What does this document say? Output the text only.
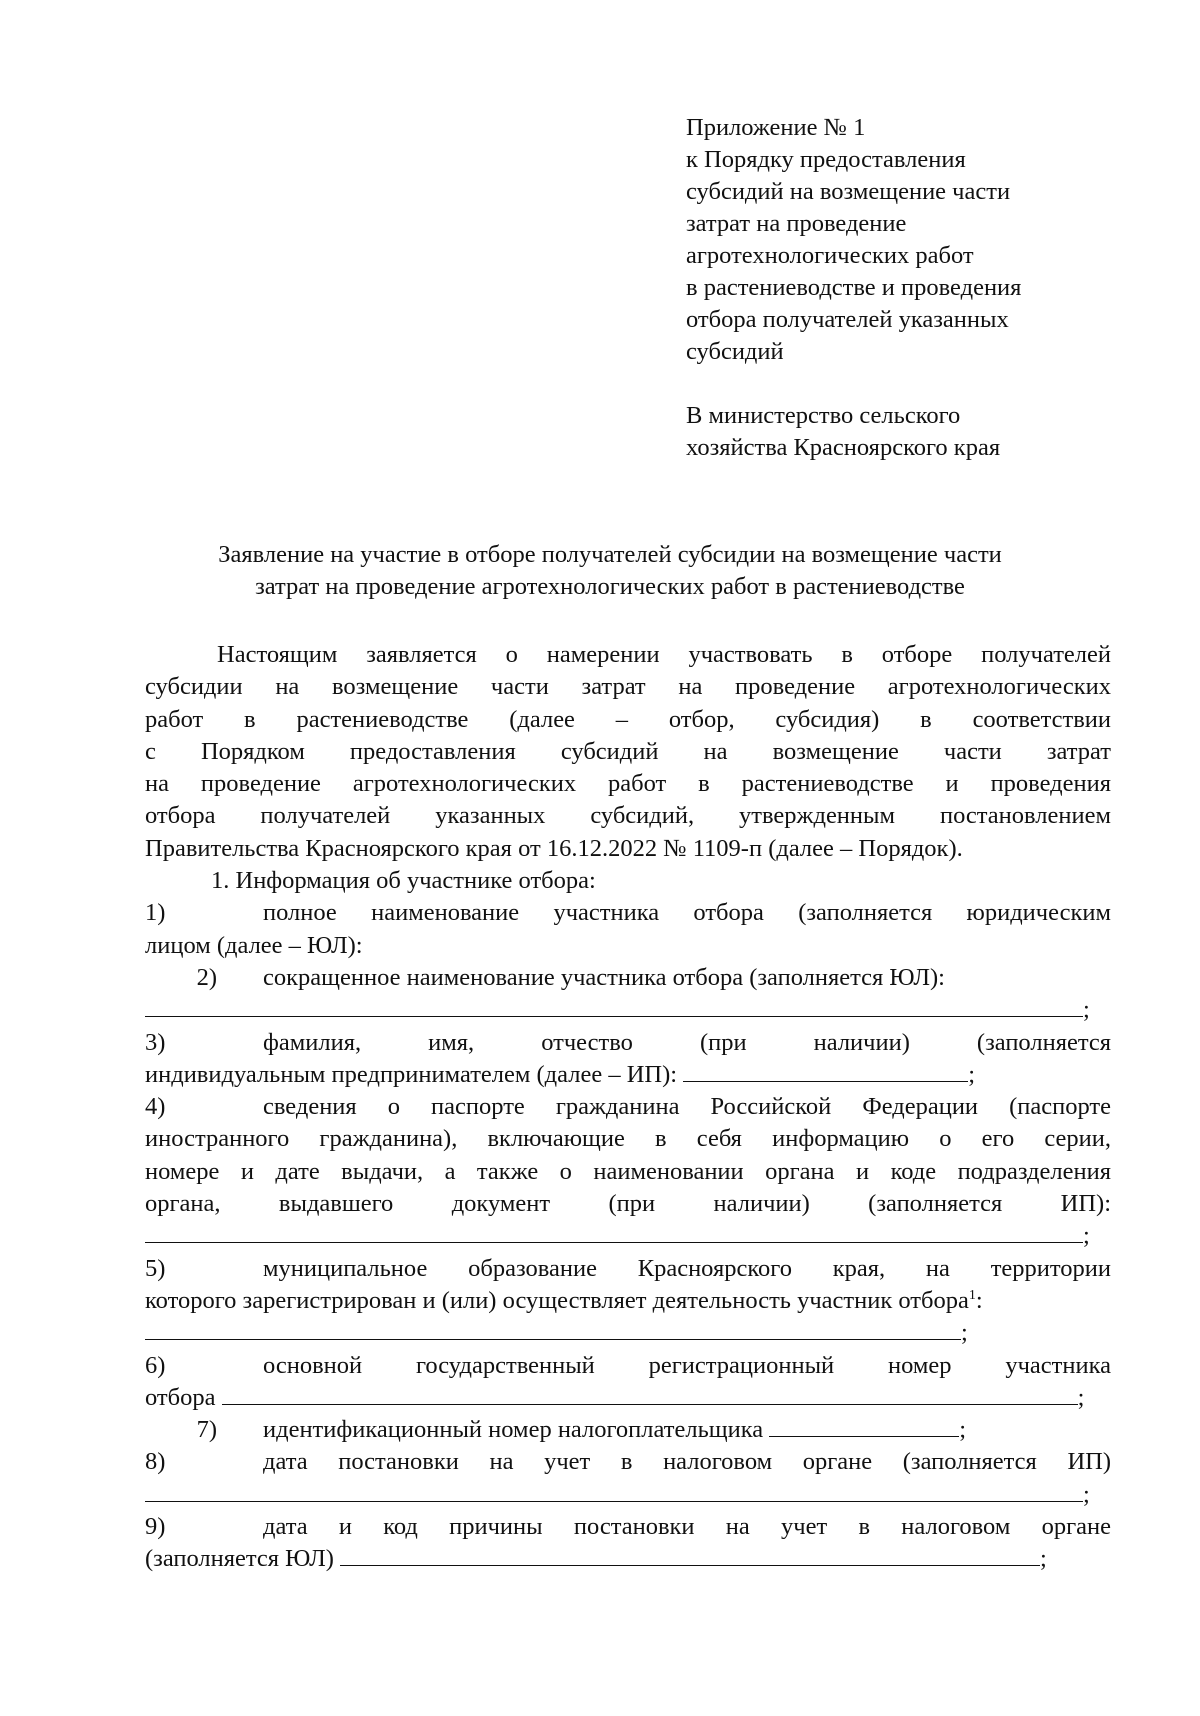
Приложение № 1
к Порядку предоставления
субсидий на возмещение части
затрат на проведение
агротехнологических работ
в растениеводстве и проведения
отбора получателей указанных
субсидий
В министерство сельского
хозяйства Красноярского края
Заявление на участие в отборе получателей субсидии на возмещение части
затрат на проведение агротехнологических работ в растениеводстве
Настоящим заявляется о намерении участвовать в отборе получателей
субсидии на возмещение части затрат на проведение агротехнологических
работ в растениеводстве (далее – отбор, субсидия) в соответствии
с Порядком предоставления субсидий на возмещение части затрат
на проведение агротехнологических работ в растениеводстве и проведения
отбора получателей указанных субсидий, утвержденным постановлением
Правительства Красноярского края от 16.12.2022 № 1109-п (далее – Порядок).
1. Информация об участнике отбора:
1)	полное наименование участника отбора (заполняется юридическим
лицом (далее – ЮЛ):
2) сокращенное наименование участника отбора (заполняется ЮЛ):
;
3)	фамилия, имя, отчество (при наличии) (заполняется
индивидуальным предпринимателем (далее – ИП):	;
4)	сведения о паспорте гражданина Российской Федерации (паспорте
иностранного гражданина), включающие в себя информацию о его серии,
номере и дате выдачи, а также о наименовании органа и коде подразделения
органа, выдавшего документ (при наличии) (заполняется ИП):
;
5)	муниципальное образование Красноярского края, на территории
которого зарегистрирован и (или) осуществляет деятельность участник отбора$^1$:
;
6)	основной государственный регистрационный номер участника
отбора	;
7) идентификационный номер налогоплательщика	;
8)	дата постановки на учет в налоговом органе (заполняется ИП)
;
9)	дата и код причины постановки на учет в налоговом органе
(заполняется ЮЛ)	;
